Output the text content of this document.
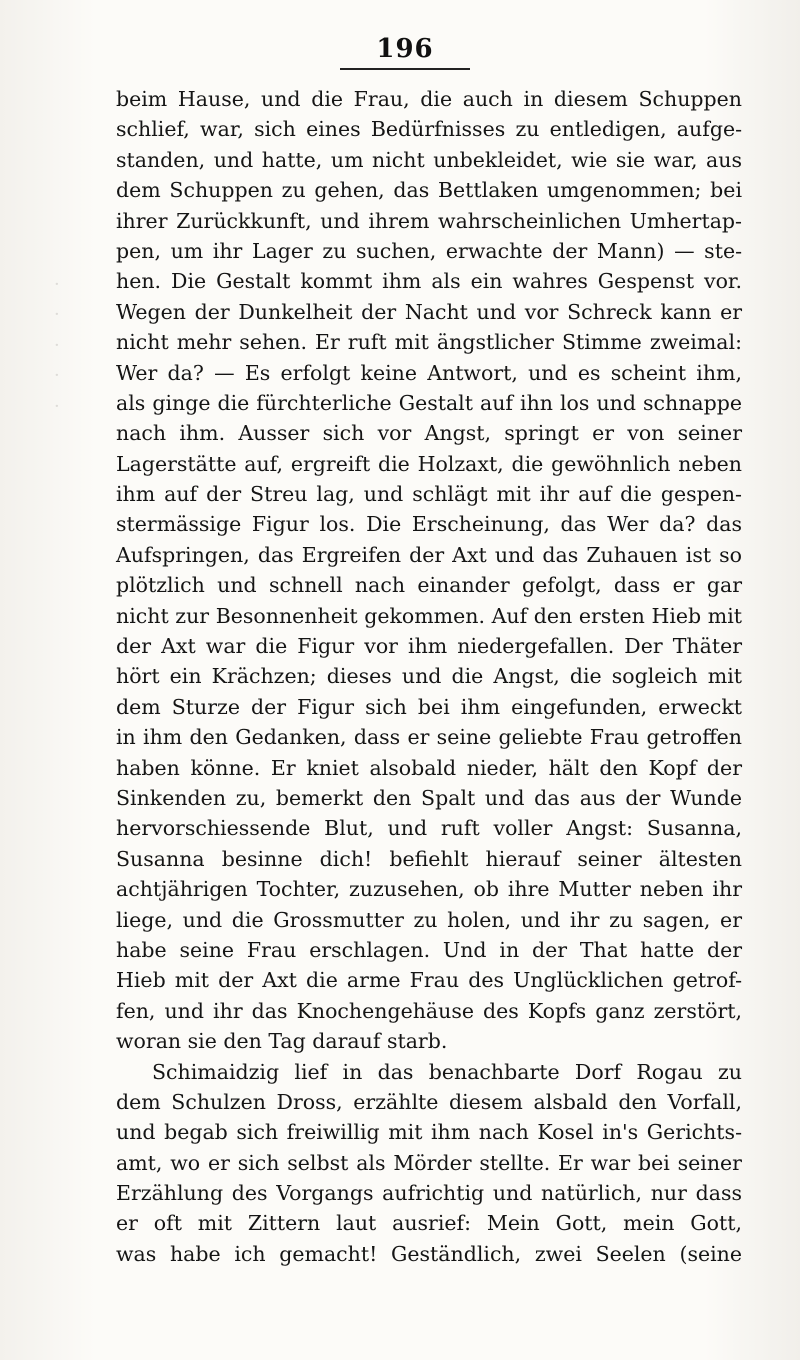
196
·
·
·
·
·
beim Hause, und die Frau, die auch in diesem Schuppen
schlief, war, sich eines Bedürfnisses zu entledigen, aufge-
standen, und hatte, um nicht unbekleidet, wie sie war, aus
dem Schuppen zu gehen, das Bettlaken umgenommen; bei
ihrer Zurückkunft, und ihrem wahrscheinlichen Umhertap-
pen, um ihr Lager zu suchen, erwachte der Mann) — ste-
hen. Die Gestalt kommt ihm als ein wahres Gespenst vor.
Wegen der Dunkelheit der Nacht und vor Schreck kann er
nicht mehr sehen. Er ruft mit ängstlicher Stimme zweimal:
Wer da? — Es erfolgt keine Antwort, und es scheint ihm,
als ginge die fürchterliche Gestalt auf ihn los und schnappe
nach ihm. Ausser sich vor Angst, springt er von seiner
Lagerstätte auf, ergreift die Holzaxt, die gewöhnlich neben
ihm auf der Streu lag, und schlägt mit ihr auf die gespen-
stermässige Figur los. Die Erscheinung, das Wer da? das
Aufspringen, das Ergreifen der Axt und das Zuhauen ist so
plötzlich und schnell nach einander gefolgt, dass er gar
nicht zur Besonnenheit gekommen. Auf den ersten Hieb mit
der Axt war die Figur vor ihm niedergefallen. Der Thäter
hört ein Krächzen; dieses und die Angst, die sogleich mit
dem Sturze der Figur sich bei ihm eingefunden, erweckt
in ihm den Gedanken, dass er seine geliebte Frau getroffen
haben könne. Er kniet alsobald nieder, hält den Kopf der
Sinkenden zu, bemerkt den Spalt und das aus der Wunde
hervorschiessende Blut, und ruft voller Angst: Susanna,
Susanna besinne dich! befiehlt hierauf seiner ältesten
achtjährigen Tochter, zuzusehen, ob ihre Mutter neben ihr
liege, und die Grossmutter zu holen, und ihr zu sagen, er
habe seine Frau erschlagen. Und in der That hatte der
Hieb mit der Axt die arme Frau des Unglücklichen getrof-
fen, und ihr das Knochengehäuse des Kopfs ganz zerstört,
woran sie den Tag darauf starb.
Schimaidzig lief in das benachbarte Dorf Rogau zu
dem Schulzen Dross, erzählte diesem alsbald den Vorfall,
und begab sich freiwillig mit ihm nach Kosel in's Gerichts-
amt, wo er sich selbst als Mörder stellte. Er war bei seiner
Erzählung des Vorgangs aufrichtig und natürlich, nur dass
er oft mit Zittern laut ausrief: Mein Gott, mein Gott,
was habe ich gemacht! Geständlich, zwei Seelen (seine
